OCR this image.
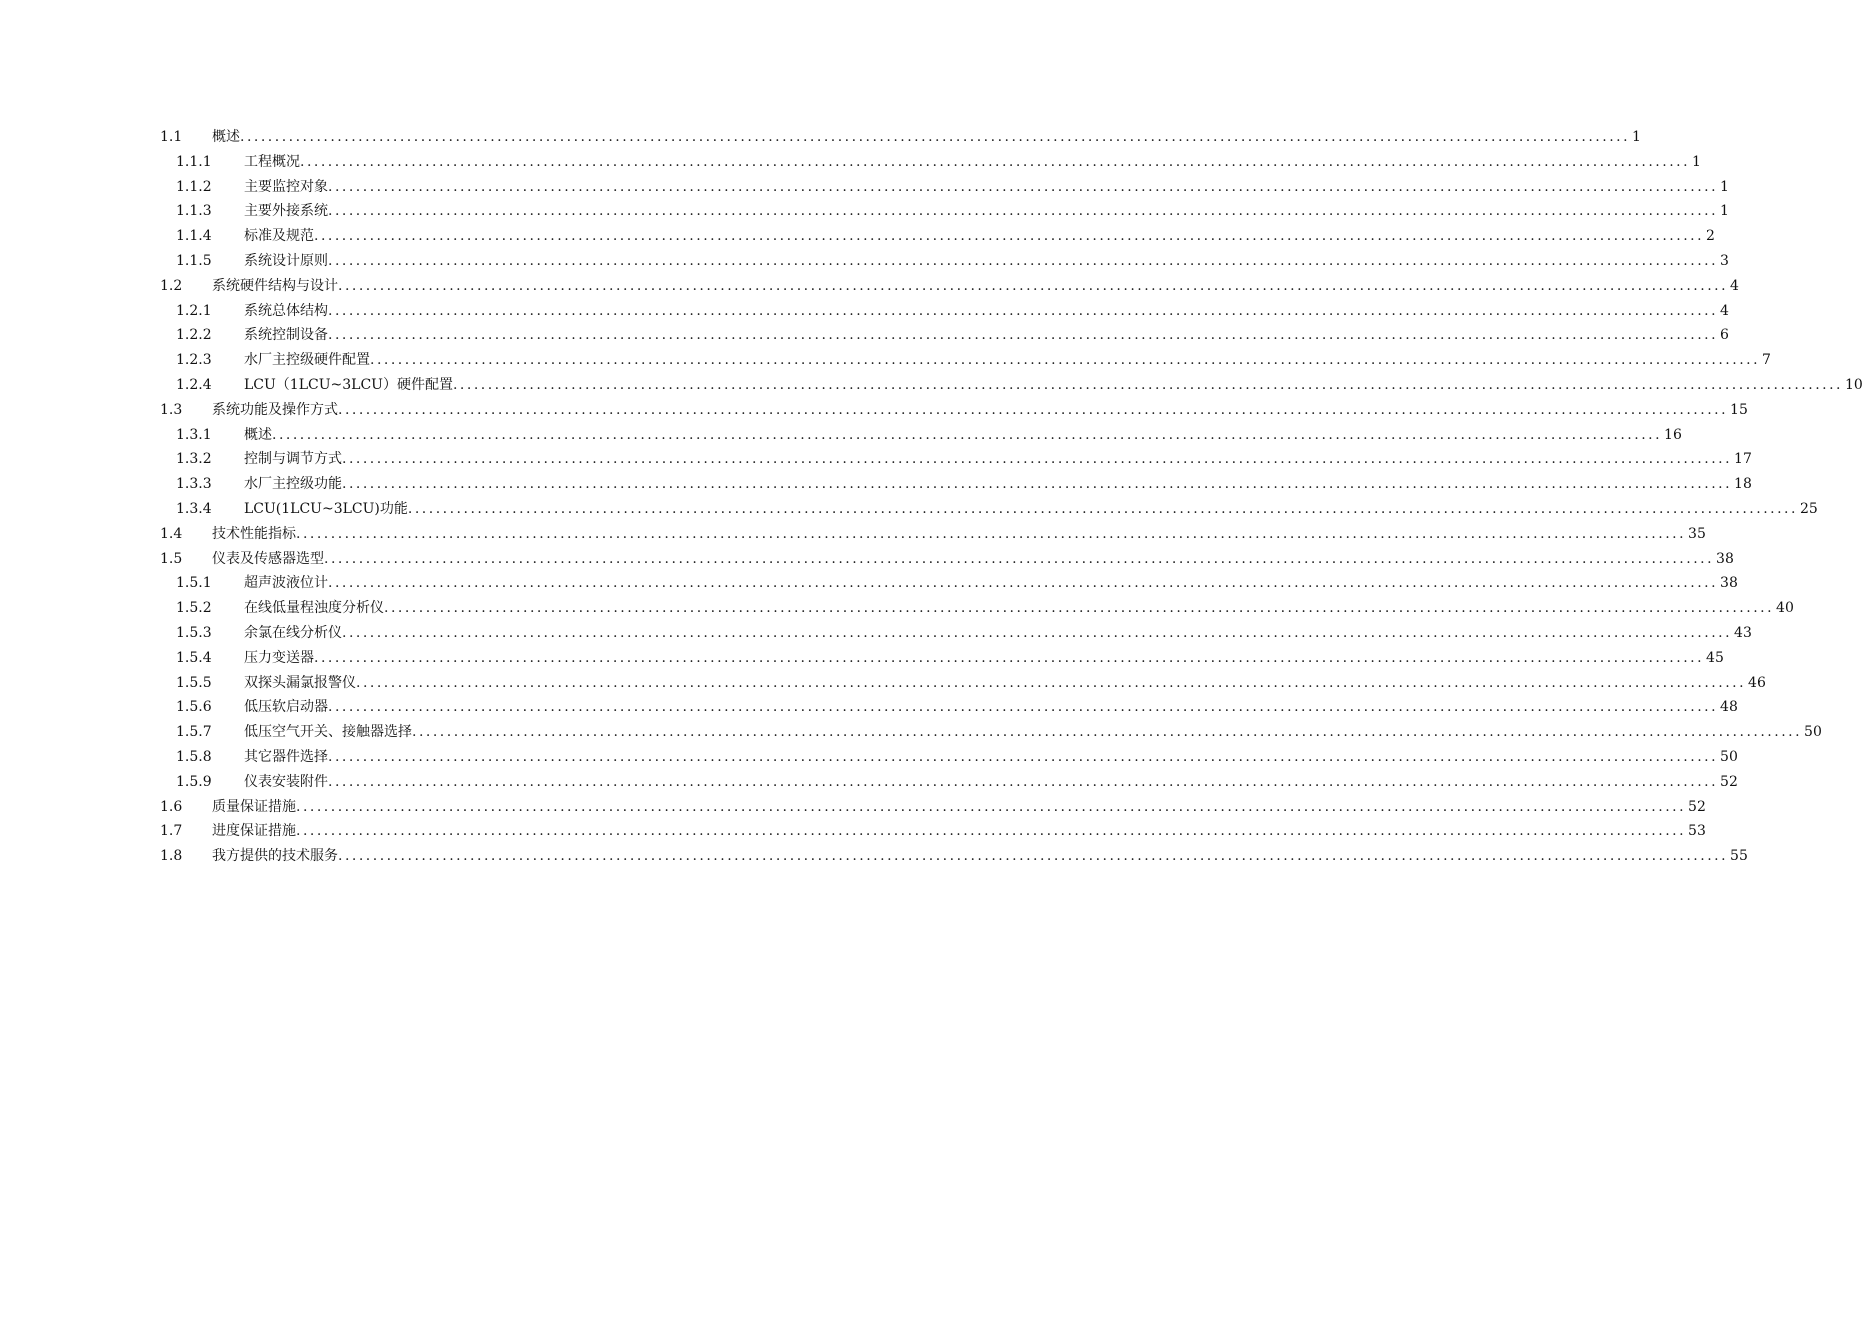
1.1 概述 ........................................................................................................................................................................................................ 1
1.1.1 工程概况 ........................................................................................................................................................................................................ 1
1.1.2 主要监控对象 ........................................................................................................................................................................................................ 1
1.1.3 主要外接系统 ........................................................................................................................................................................................................ 1
1.1.4 标准及规范 ........................................................................................................................................................................................................ 2
1.1.5 系统设计原则 ........................................................................................................................................................................................................ 3
1.2 系统硬件结构与设计 ........................................................................................................................................................................................................ 4
1.2.1 系统总体结构 ........................................................................................................................................................................................................ 4
1.2.2 系统控制设备 ........................................................................................................................................................................................................ 6
1.2.3 水厂主控级硬件配置 ........................................................................................................................................................................................................ 7
1.2.4 LCU（1LCU~3LCU）硬件配置 ........................................................................................................................................................................................................ 10
1.3 系统功能及操作方式 ........................................................................................................................................................................................................ 15
1.3.1 概述 ........................................................................................................................................................................................................ 16
1.3.2 控制与调节方式 ........................................................................................................................................................................................................ 17
1.3.3 水厂主控级功能 ........................................................................................................................................................................................................ 18
1.3.4 LCU(1LCU~3LCU)功能 ........................................................................................................................................................................................................ 25
1.4 技术性能指标 ........................................................................................................................................................................................................ 35
1.5 仪表及传感器选型 ........................................................................................................................................................................................................ 38
1.5.1 超声波液位计 ........................................................................................................................................................................................................ 38
1.5.2 在线低量程浊度分析仪 ........................................................................................................................................................................................................ 40
1.5.3 余氯在线分析仪 ........................................................................................................................................................................................................ 43
1.5.4 压力变送器 ........................................................................................................................................................................................................ 45
1.5.5 双探头漏氯报警仪 ........................................................................................................................................................................................................ 46
1.5.6 低压软启动器 ........................................................................................................................................................................................................ 48
1.5.7 低压空气开关、接触器选择 ........................................................................................................................................................................................................ 50
1.5.8 其它器件选择 ........................................................................................................................................................................................................ 50
1.5.9 仪表安装附件 ........................................................................................................................................................................................................ 52
1.6 质量保证措施 ........................................................................................................................................................................................................ 52
1.7 进度保证措施 ........................................................................................................................................................................................................ 53
1.8 我方提供的技术服务 ........................................................................................................................................................................................................ 55
